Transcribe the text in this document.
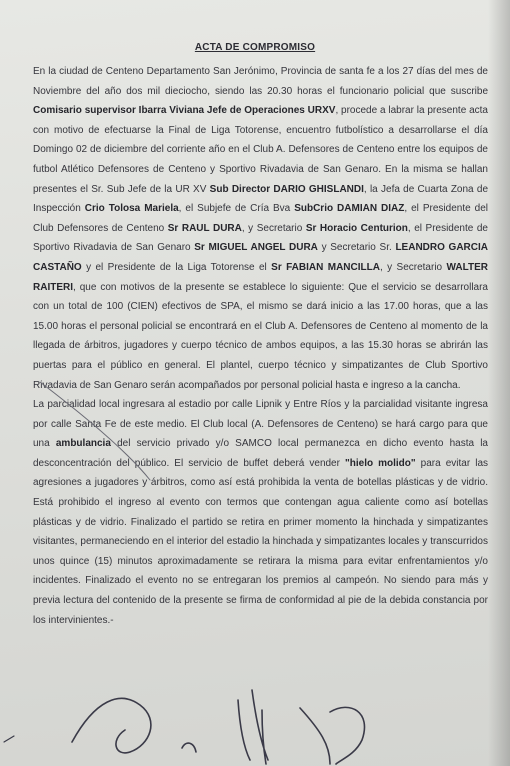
ACTA DE COMPROMISO

En la ciudad de Centeno Departamento San Jerónimo, Provincia de santa fe a los 27 días del mes de Noviembre del año dos mil dieciocho, siendo las 20.30 horas el funcionario policial que suscribe Comisario supervisor Ibarra Viviana Jefe de Operaciones URXV, procede a labrar la presente acta con motivo de efectuarse la Final de Liga Totorense, encuentro futbolístico a desarrollarse el día Domingo 02 de diciembre del corriente año en el Club A. Defensores de Centeno entre los equipos de futbol Atlético Defensores de Centeno y Sportivo Rivadavia de San Genaro. En la misma se hallan presentes el Sr. Sub Jefe de la UR XV Sub Director DARIO GHISLANDI, la Jefa de Cuarta Zona de Inspección Crio Tolosa Mariela, el Subjefe de Cría Bva SubCrio DAMIAN DIAZ, el Presidente del Club Defensores de Centeno Sr RAUL DURA, y Secretario Sr Horacio Centurion, el Presidente de Sportivo Rivadavia de San Genaro Sr MIGUEL ANGEL DURA y Secretario Sr. LEANDRO GARCIA CASTAÑO y el Presidente de la Liga Totorense el Sr FABIAN MANCILLA, y Secretario WALTER RAITERI, que con motivos de la presente se establece lo siguiente: Que el servicio se desarrollara con un total de 100 (CIEN) efectivos de SPA, el mismo se dará inicio a las 17.00 horas, que a las 15.00 horas el personal policial se encontrará en el Club A. Defensores de Centeno al momento de la llegada de árbitros, jugadores y cuerpo técnico de ambos equipos, a las 15.30 horas se abrirán las puertas para el público en general. El plantel, cuerpo técnico y simpatizantes de Club Sportivo Rivadavia de San Genaro serán acompañados por personal policial hasta e ingreso a la cancha.

La parcialidad local ingresara al estadio por calle Lipnik y Entre Ríos y la parcialidad visitante ingresa por calle Santa Fe de este medio. El Club local (A. Defensores de Centeno) se hará cargo para que una ambulancia del servicio privado y/o SAMCO local permanezca en dicho evento hasta la desconcentración del público. El servicio de buffet deberá vender "hielo molido" para evitar las agresiones a jugadores y árbitros, como así está prohibida la venta de botellas plásticas y de vidrio. Está prohibido el ingreso al evento con termos que contengan agua caliente como así botellas plásticas y de vidrio. Finalizado el partido se retira en primer momento la hinchada y simpatizantes visitantes, permaneciendo en el interior del estadio la hinchada y simpatizantes locales y transcurridos unos quince (15) minutos aproximadamente se retirara la misma para evitar enfrentamientos y/o incidentes. Finalizado el evento no se entregaran los premios al campeón. No siendo para más y previa lectura del contenido de la presente se firma de conformidad al pie de la debida constancia por los intervinientes.-
